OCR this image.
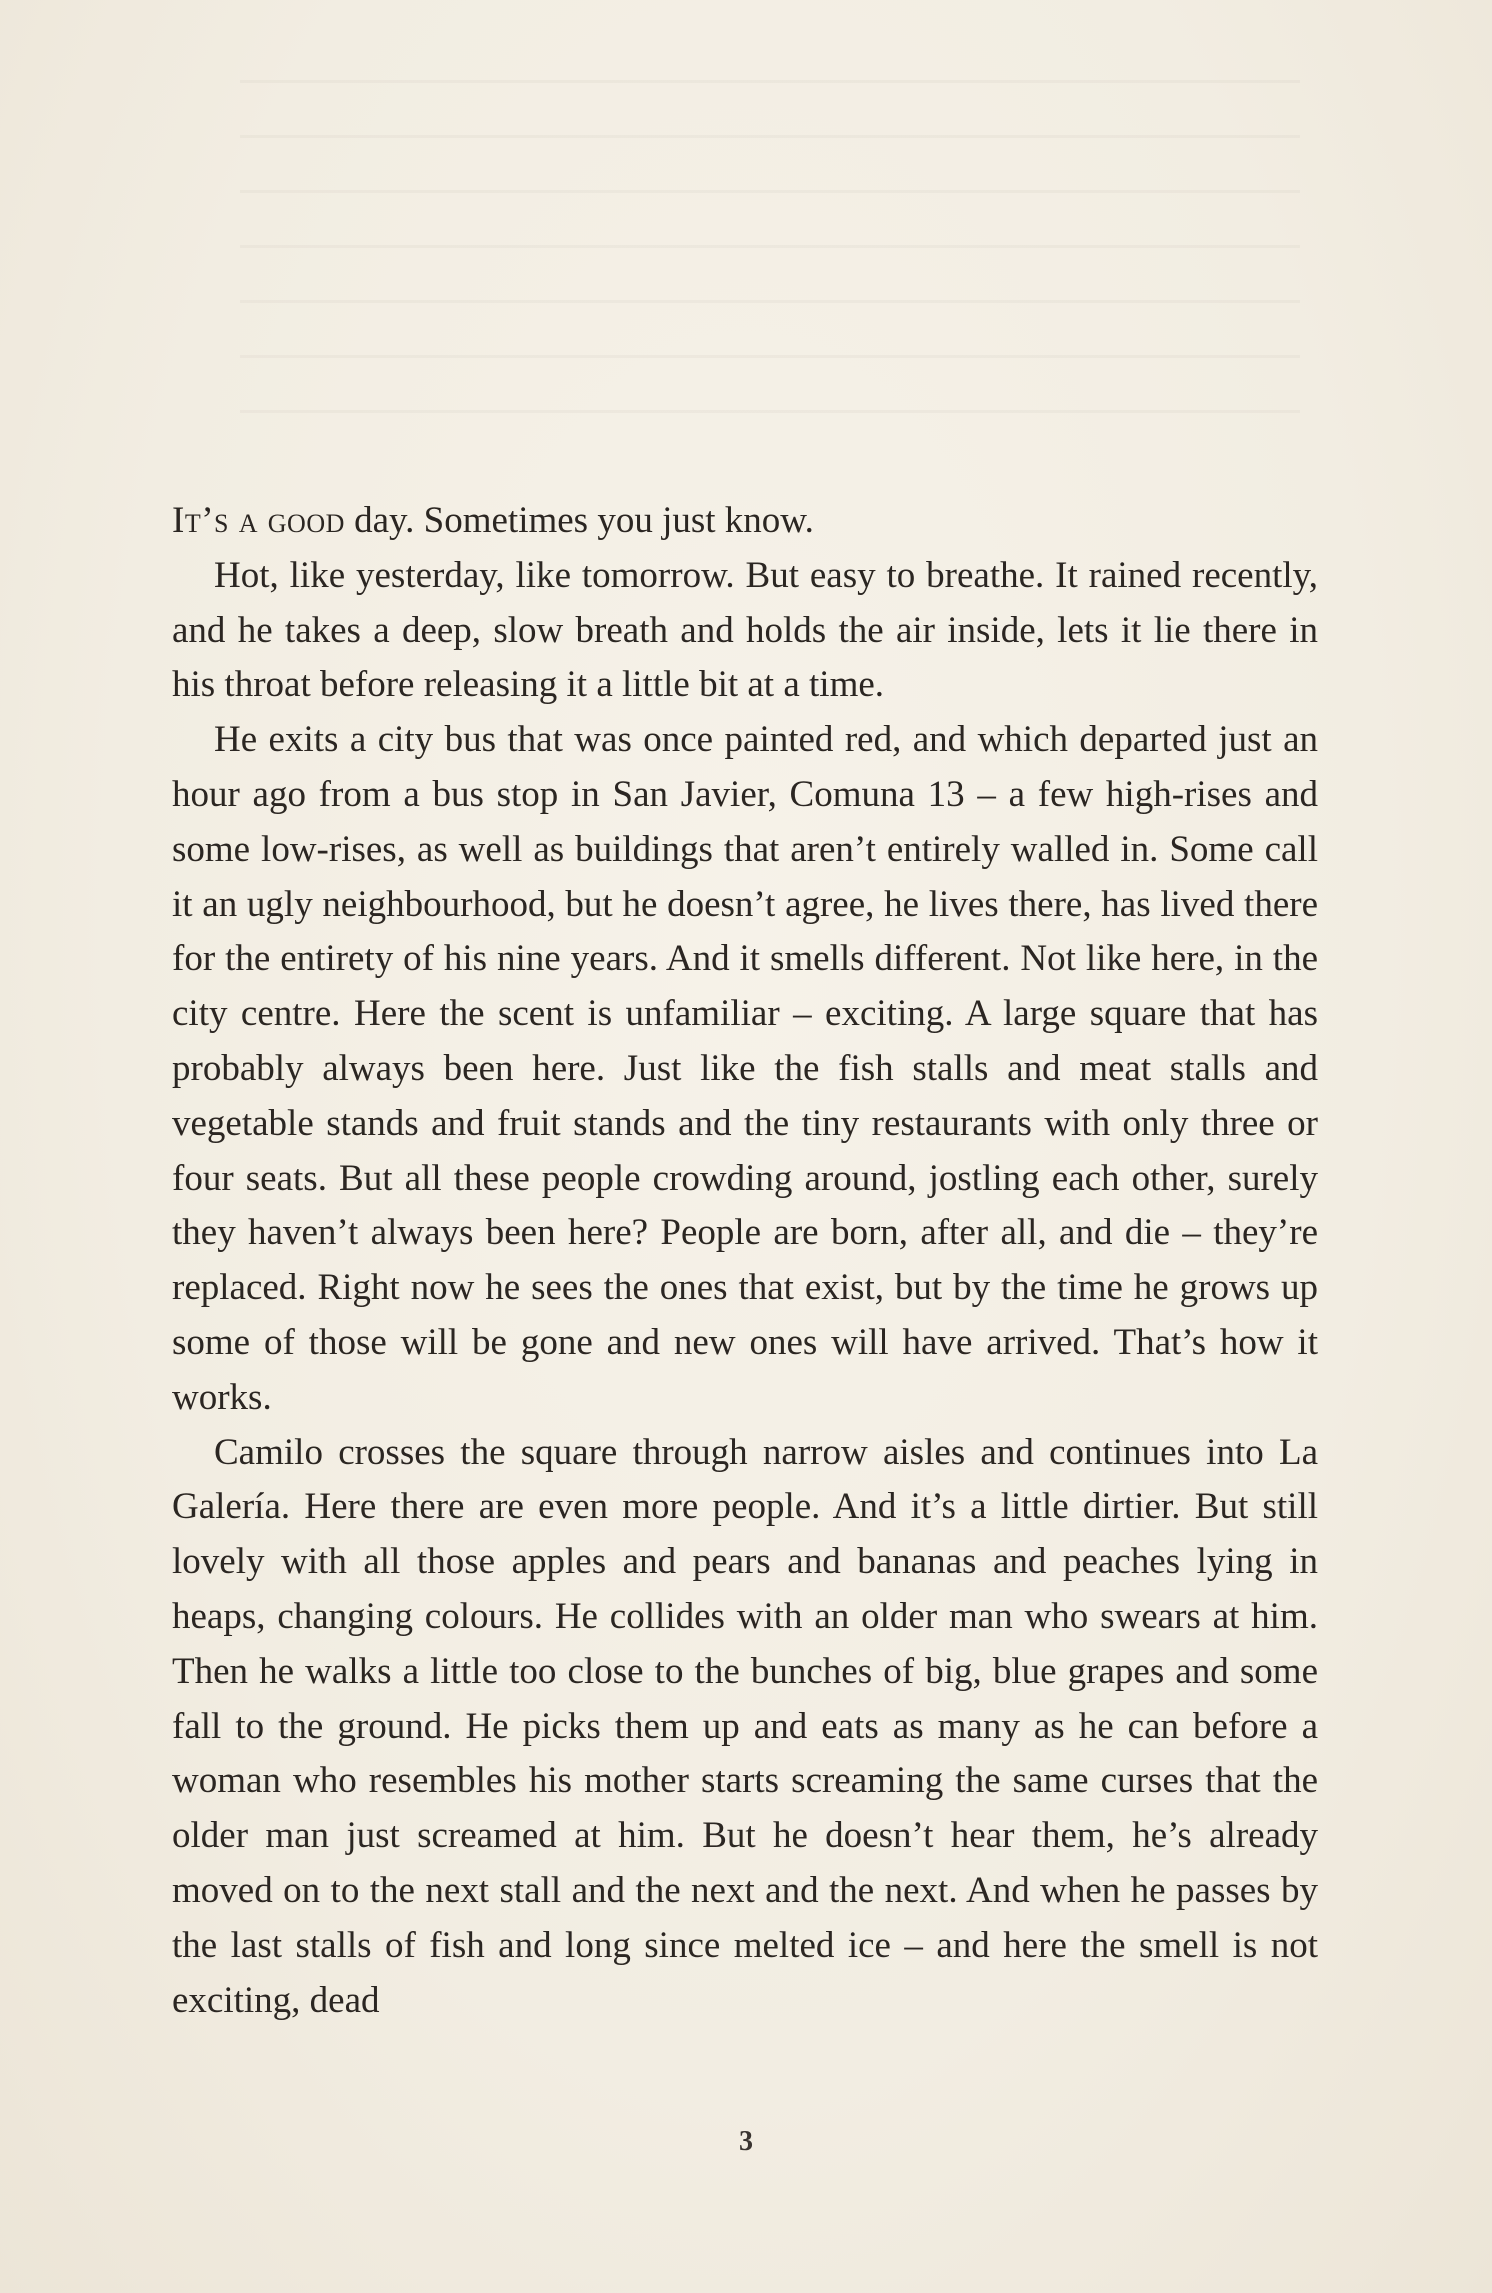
It’s a good day. Sometimes you just know.

Hot, like yesterday, like tomorrow. But easy to breathe. It rained recently, and he takes a deep, slow breath and holds the air inside, lets it lie there in his throat before releasing it a little bit at a time.

He exits a city bus that was once painted red, and which departed just an hour ago from a bus stop in San Javier, Comuna 13 – a few high-rises and some low-rises, as well as buildings that aren’t entirely walled in. Some call it an ugly neighbourhood, but he doesn’t agree, he lives there, has lived there for the entirety of his nine years. And it smells different. Not like here, in the city centre. Here the scent is unfamiliar – exciting. A large square that has probably always been here. Just like the fish stalls and meat stalls and vegetable stands and fruit stands and the tiny restaurants with only three or four seats. But all these people crowding around, jostling each other, surely they haven’t always been here? People are born, after all, and die – they’re replaced. Right now he sees the ones that exist, but by the time he grows up some of those will be gone and new ones will have arrived. That’s how it works.

Camilo crosses the square through narrow aisles and continues into La Galería. Here there are even more people. And it’s a little dirtier. But still lovely with all those apples and pears and bananas and peaches lying in heaps, changing colours. He collides with an older man who swears at him. Then he walks a little too close to the bunches of big, blue grapes and some fall to the ground. He picks them up and eats as many as he can before a woman who resembles his mother starts screaming the same curses that the older man just screamed at him. But he doesn’t hear them, he’s already moved on to the next stall and the next and the next. And when he passes by the last stalls of fish and long since melted ice – and here the smell is not exciting, dead

3
